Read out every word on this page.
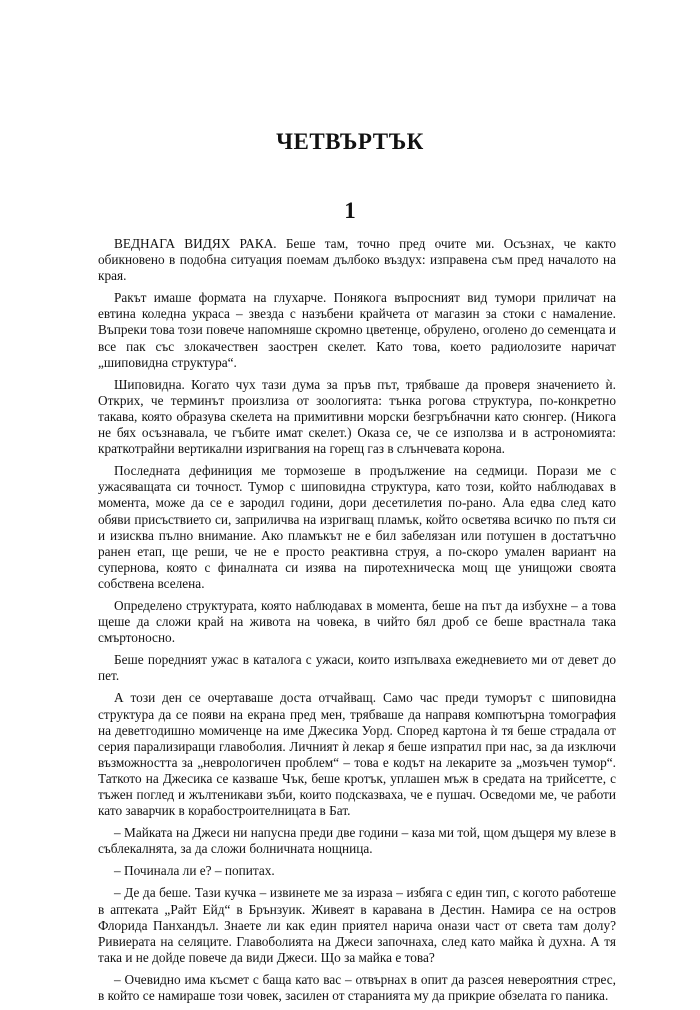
ЧЕТВЪРТЪК
1

ВЕДНАГА ВИДЯХ РАКА. Беше там, точно пред очите ми. Осъзнах, че както обикновено в подобна ситуация поемам дълбоко въздух: изправена съм пред началото на края.

Ракът имаше формата на глухарче. Понякога въпросният вид тумори приличат на евтина коледна украса – звезда с назъбени крайчета от магазин за стоки с намаление. Въпреки това този повече напомняше скромно цветенце, обрулено, оголено до семенцата и все пак със злокачествен заострен скелет. Като това, което радиолозите наричат „шиповидна структура“.

Шиповидна. Когато чух тази дума за пръв път, трябваше да проверя значението ѝ. Открих, че терминът произлиза от зоологията: тънка рогова структура, по-конкретно такава, която образува скелета на примитивни морски безгръбначни като сюнгер. (Никога не бях осъзнавала, че гъбите имат скелет.) Оказа се, че се използва и в астрономията: краткотрайни вертикални изригвания на горещ газ в слънчевата корона.

Последната дефиниция ме тормозеше в продължение на седмици. Порази ме с ужасяващата си точност. Тумор с шиповидна структура, като този, който наблюдавах в момента, може да се е зародил години, дори десетилетия по-рано. Ала едва след като обяви присъствието си, заприличва на изригващ пламък, който осветява всичко по пътя си и изисква пълно внимание. Ако пламъкът не е бил забелязан или потушен в достатъчно ранен етап, ще реши, че не е просто реактивна струя, а по-скоро умален вариант на супернова, която с финалната си изява на пиротехническа мощ ще унищожи своята собствена вселена.

Определено структурата, която наблюдавах в момента, беше на път да избухне – а това щеше да сложи край на живота на човека, в чийто бял дроб се беше врастнала така смъртоносно.

Беше поредният ужас в каталога с ужаси, които изпълваха ежедневието ми от девет до пет.

А този ден се очертаваше доста отчайващ. Само час преди туморът с шиповидна структура да се появи на екрана пред мен, трябваше да направя компютърна томография на деветгодишно момиченце на име Джесика Уорд. Според картона ѝ тя беше страдала от серия парализиращи главоболия. Личният ѝ лекар я беше изпратил при нас, за да изключи възможността за „неврологичен проблем“ – това е кодът на лекарите за „мозъчен тумор“. Таткото на Джесика се казваше Чък, беше кротък, уплашен мъж в средата на трийсетте, с тъжен поглед и жълтеникави зъби, които подсказваха, че е пушач. Осведоми ме, че работи като заварчик в корабостроителницата в Бат.

– Майката на Джеси ни напусна преди две години – каза ми той, щом дъщеря му влезе в съблекалнята, за да сложи болничната нощница.

– Починала ли е? – попитах.

– Де да беше. Тази кучка – извинете ме за израза – избяга с един тип, с когото работеше в аптеката „Райт Ейд“ в Брънзуик. Живеят в каравана в Дестин. Намира се на остров Флорида Панхандъл. Знаете ли как един приятел нарича онази част от света там долу? Ривиерата на селяците. Главоболията на Джеси започнаха, след като майка ѝ духна. А тя така и не дойде повече да види Джеси. Що за майка е това?

– Очевидно има късмет с баща като вас – отвърнах в опит да разсея невероятния стрес, в който се намираше този човек, засилен от старанията му да прикрие обзелата го паника.
